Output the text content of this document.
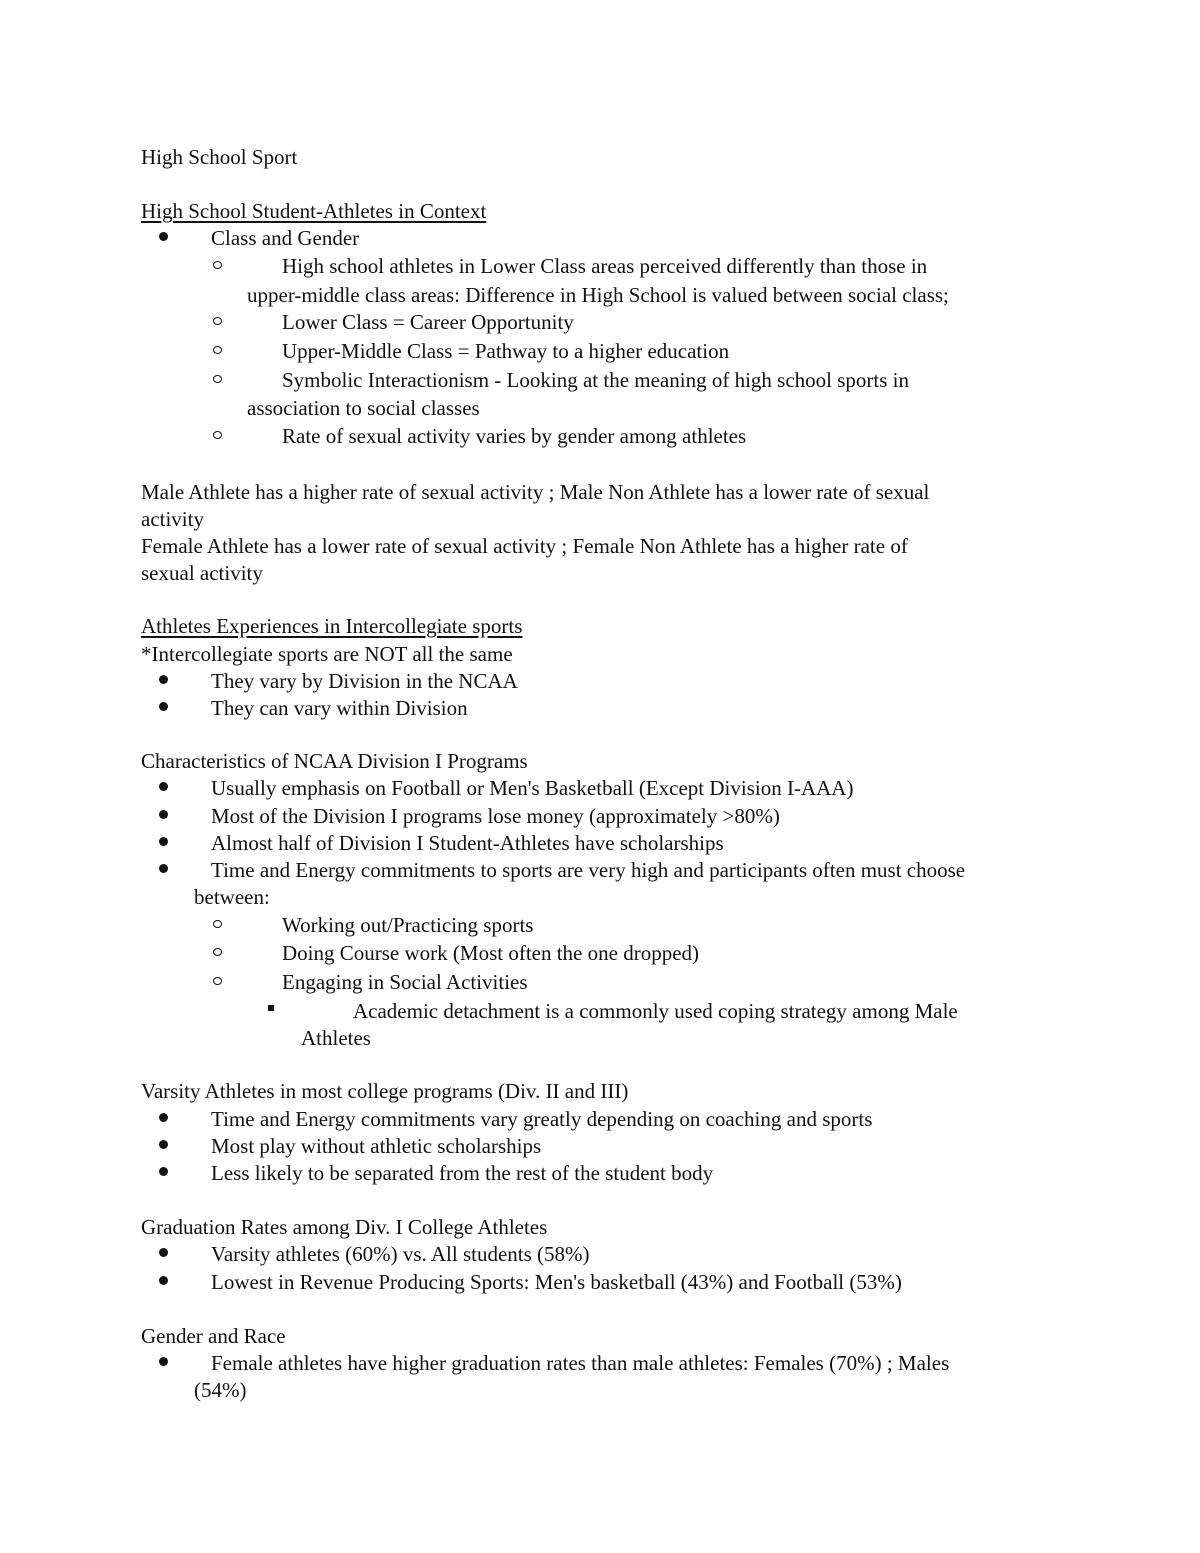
High School Sport
High School Student-Athletes in Context
Class and Gender
High school athletes in Lower Class areas perceived differently than those in
upper-middle class areas: Difference in High School is valued between social class;
Lower Class = Career Opportunity
Upper-Middle Class = Pathway to a higher education
Symbolic Interactionism - Looking at the meaning of high school sports in
association to social classes
Rate of sexual activity varies by gender among athletes
Male Athlete has a higher rate of sexual activity ; Male Non Athlete has a lower rate of sexual
activity
Female Athlete has a lower rate of sexual activity ; Female Non Athlete has a higher rate of
sexual activity
Athletes Experiences in Intercollegiate sports
*Intercollegiate sports are NOT all the same
They vary by Division in the NCAA
They can vary within Division
Characteristics of NCAA Division I Programs
Usually emphasis on Football or Men's Basketball (Except Division I-AAA)
Most of the Division I programs lose money (approximately >80%)
Almost half of Division I Student-Athletes have scholarships
Time and Energy commitments to sports are very high and participants often must choose
between:
Working out/Practicing sports
Doing Course work (Most often the one dropped)
Engaging in Social Activities
Academic detachment is a commonly used coping strategy among Male
Athletes
Varsity Athletes in most college programs (Div. II and III)
Time and Energy commitments vary greatly depending on coaching and sports
Most play without athletic scholarships
Less likely to be separated from the rest of the student body
Graduation Rates among Div. I College Athletes
Varsity athletes (60%) vs. All students (58%)
Lowest in Revenue Producing Sports: Men's basketball (43%) and Football (53%)
Gender and Race
Female athletes have higher graduation rates than male athletes: Females (70%) ; Males
(54%)
